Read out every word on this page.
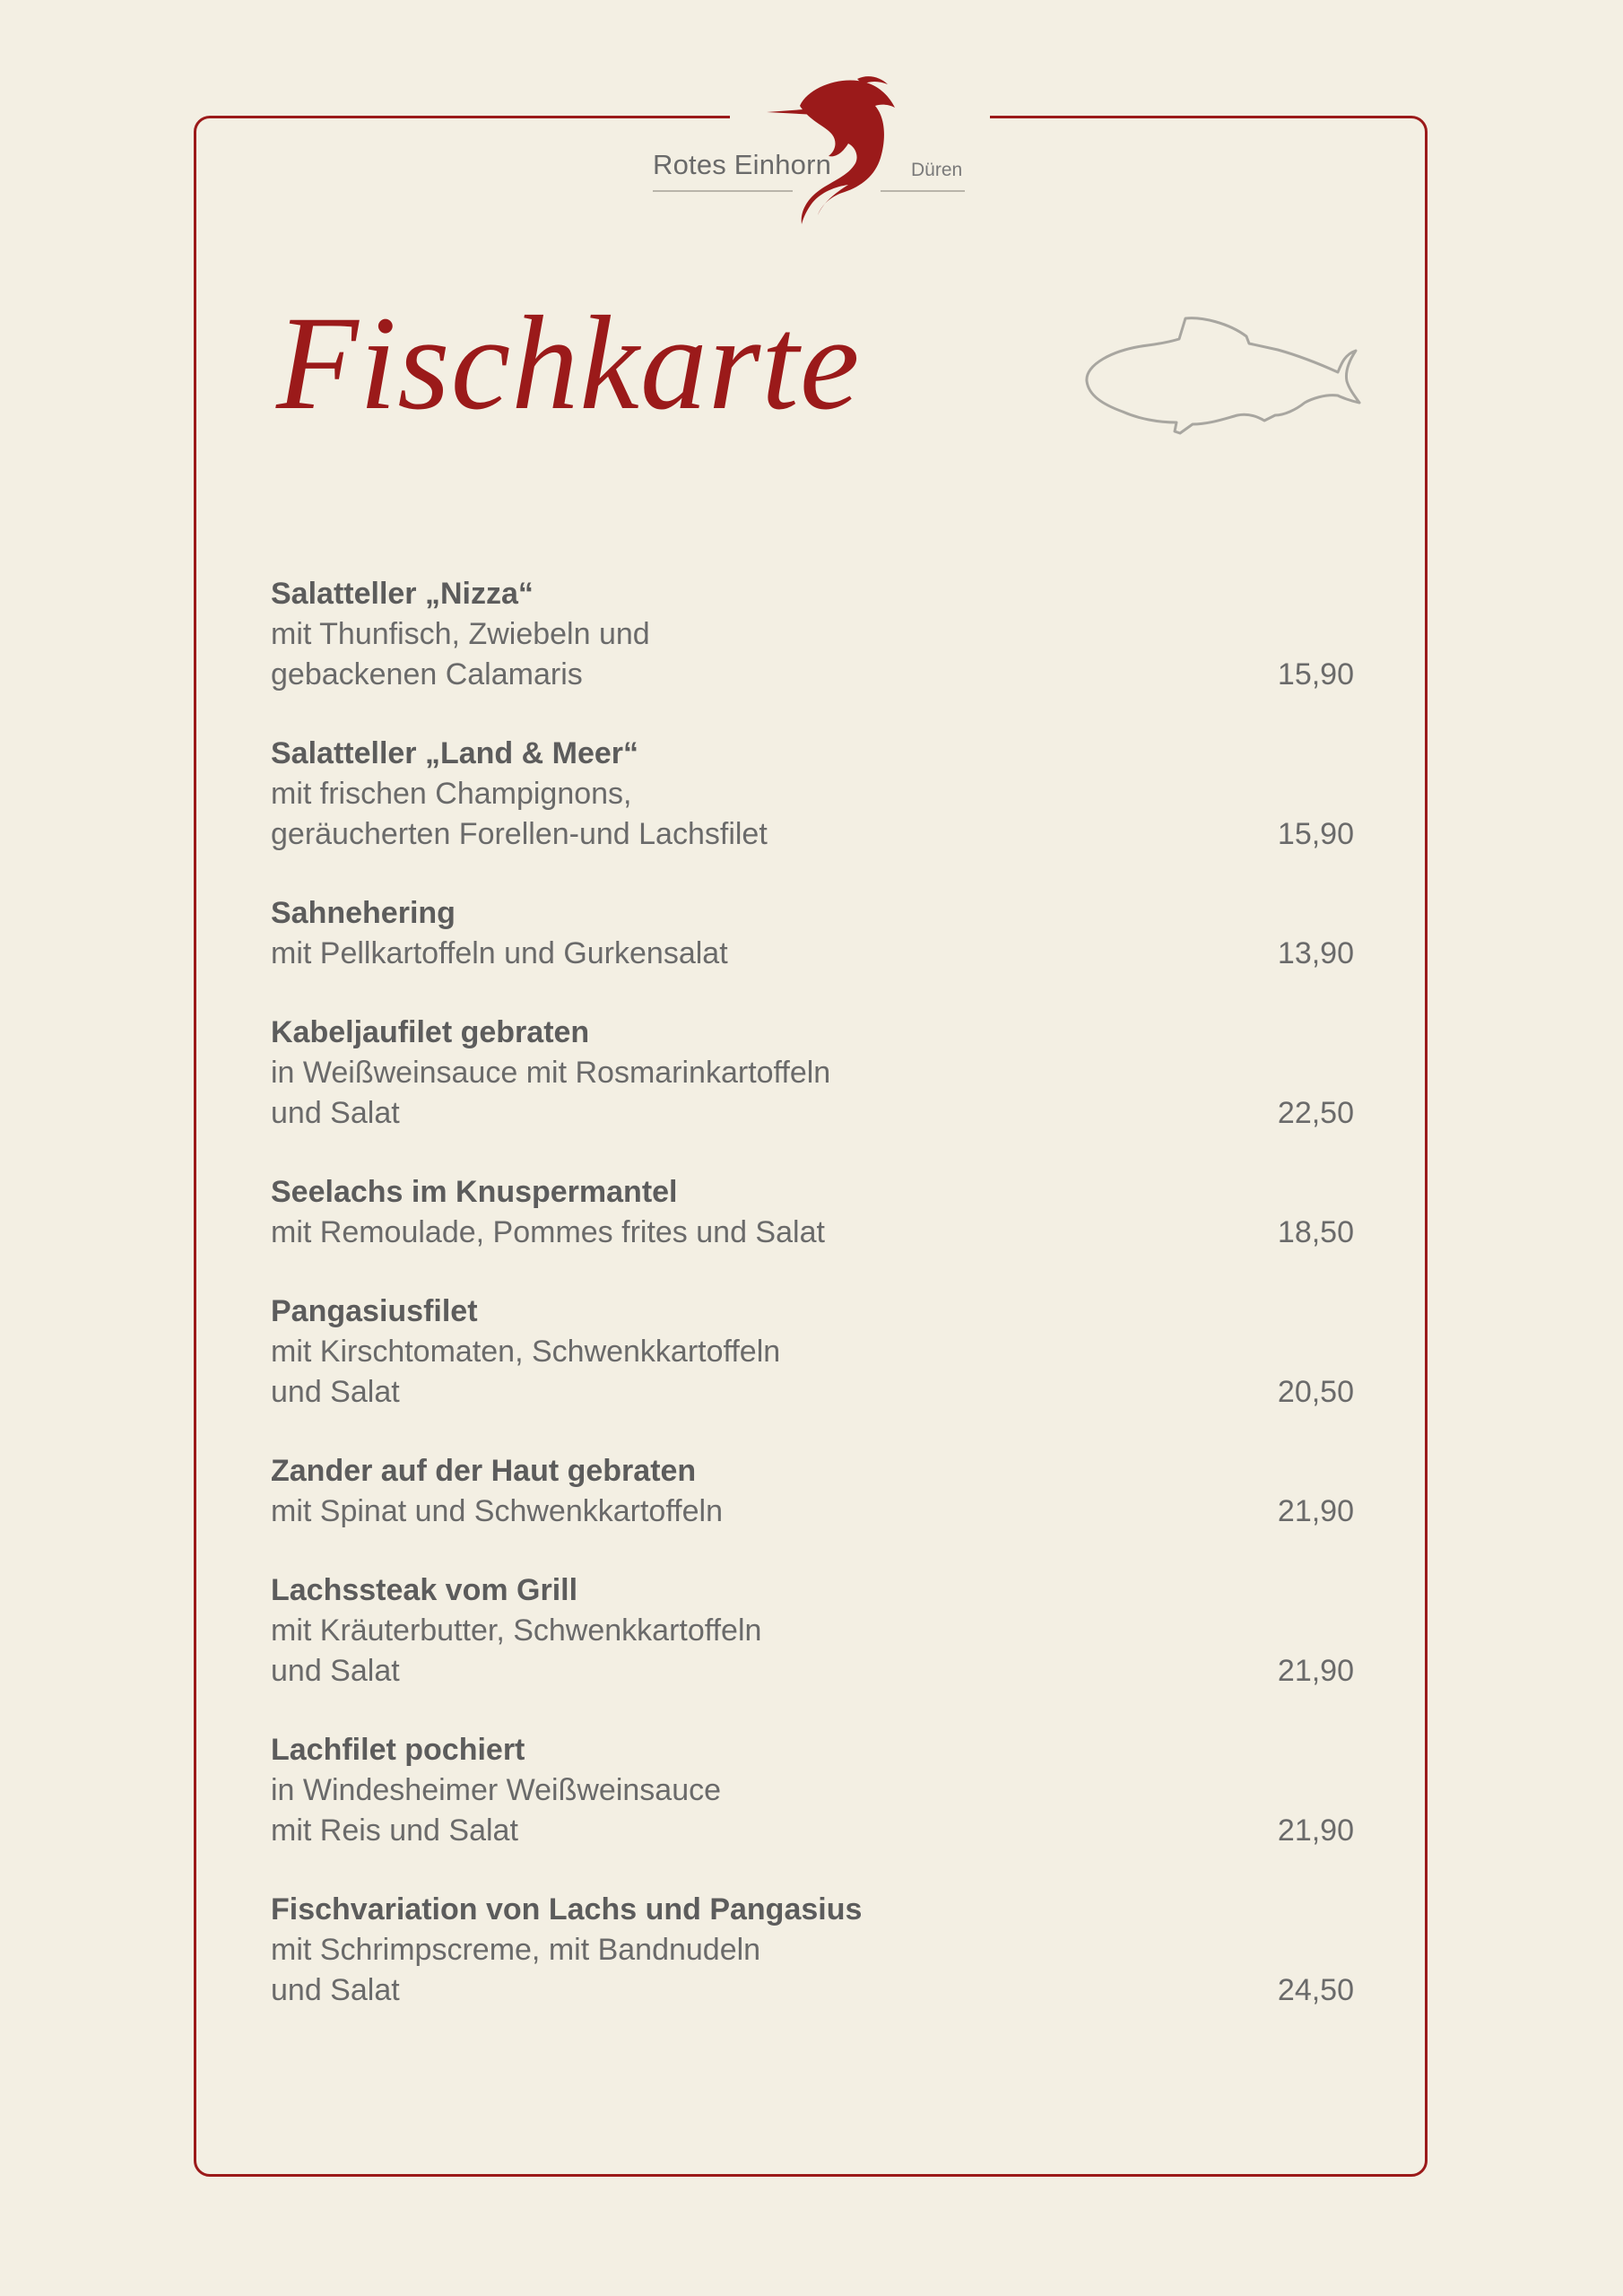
Rotes Einhorn	Düren
Fischkarte
Salatteller „Nizza“
mit Thunfisch, Zwiebeln und
gebackenen Calamaris	15,90
Salatteller „Land & Meer“
mit frischen Champignons,
geräucherten Forellen-und Lachsfilet	15,90
Sahnehering
mit Pellkartoffeln und Gurkensalat	13,90
Kabeljaufilet gebraten
in Weißweinsauce mit Rosmarinkartoffeln
und Salat	22,50
Seelachs im Knuspermantel
mit Remoulade, Pommes frites und Salat	18,50
Pangasiusfilet
mit Kirschtomaten, Schwenkkartoffeln
und Salat	20,50
Zander auf der Haut gebraten
mit Spinat und Schwenkkartoffeln	21,90
Lachssteak vom Grill
mit Kräuterbutter, Schwenkkartoffeln
und Salat	21,90
Lachfilet pochiert
in Windesheimer Weißweinsauce
mit Reis und Salat	21,90
Fischvariation von Lachs und Pangasius
mit Schrimpscreme, mit Bandnudeln
und Salat	24,50
